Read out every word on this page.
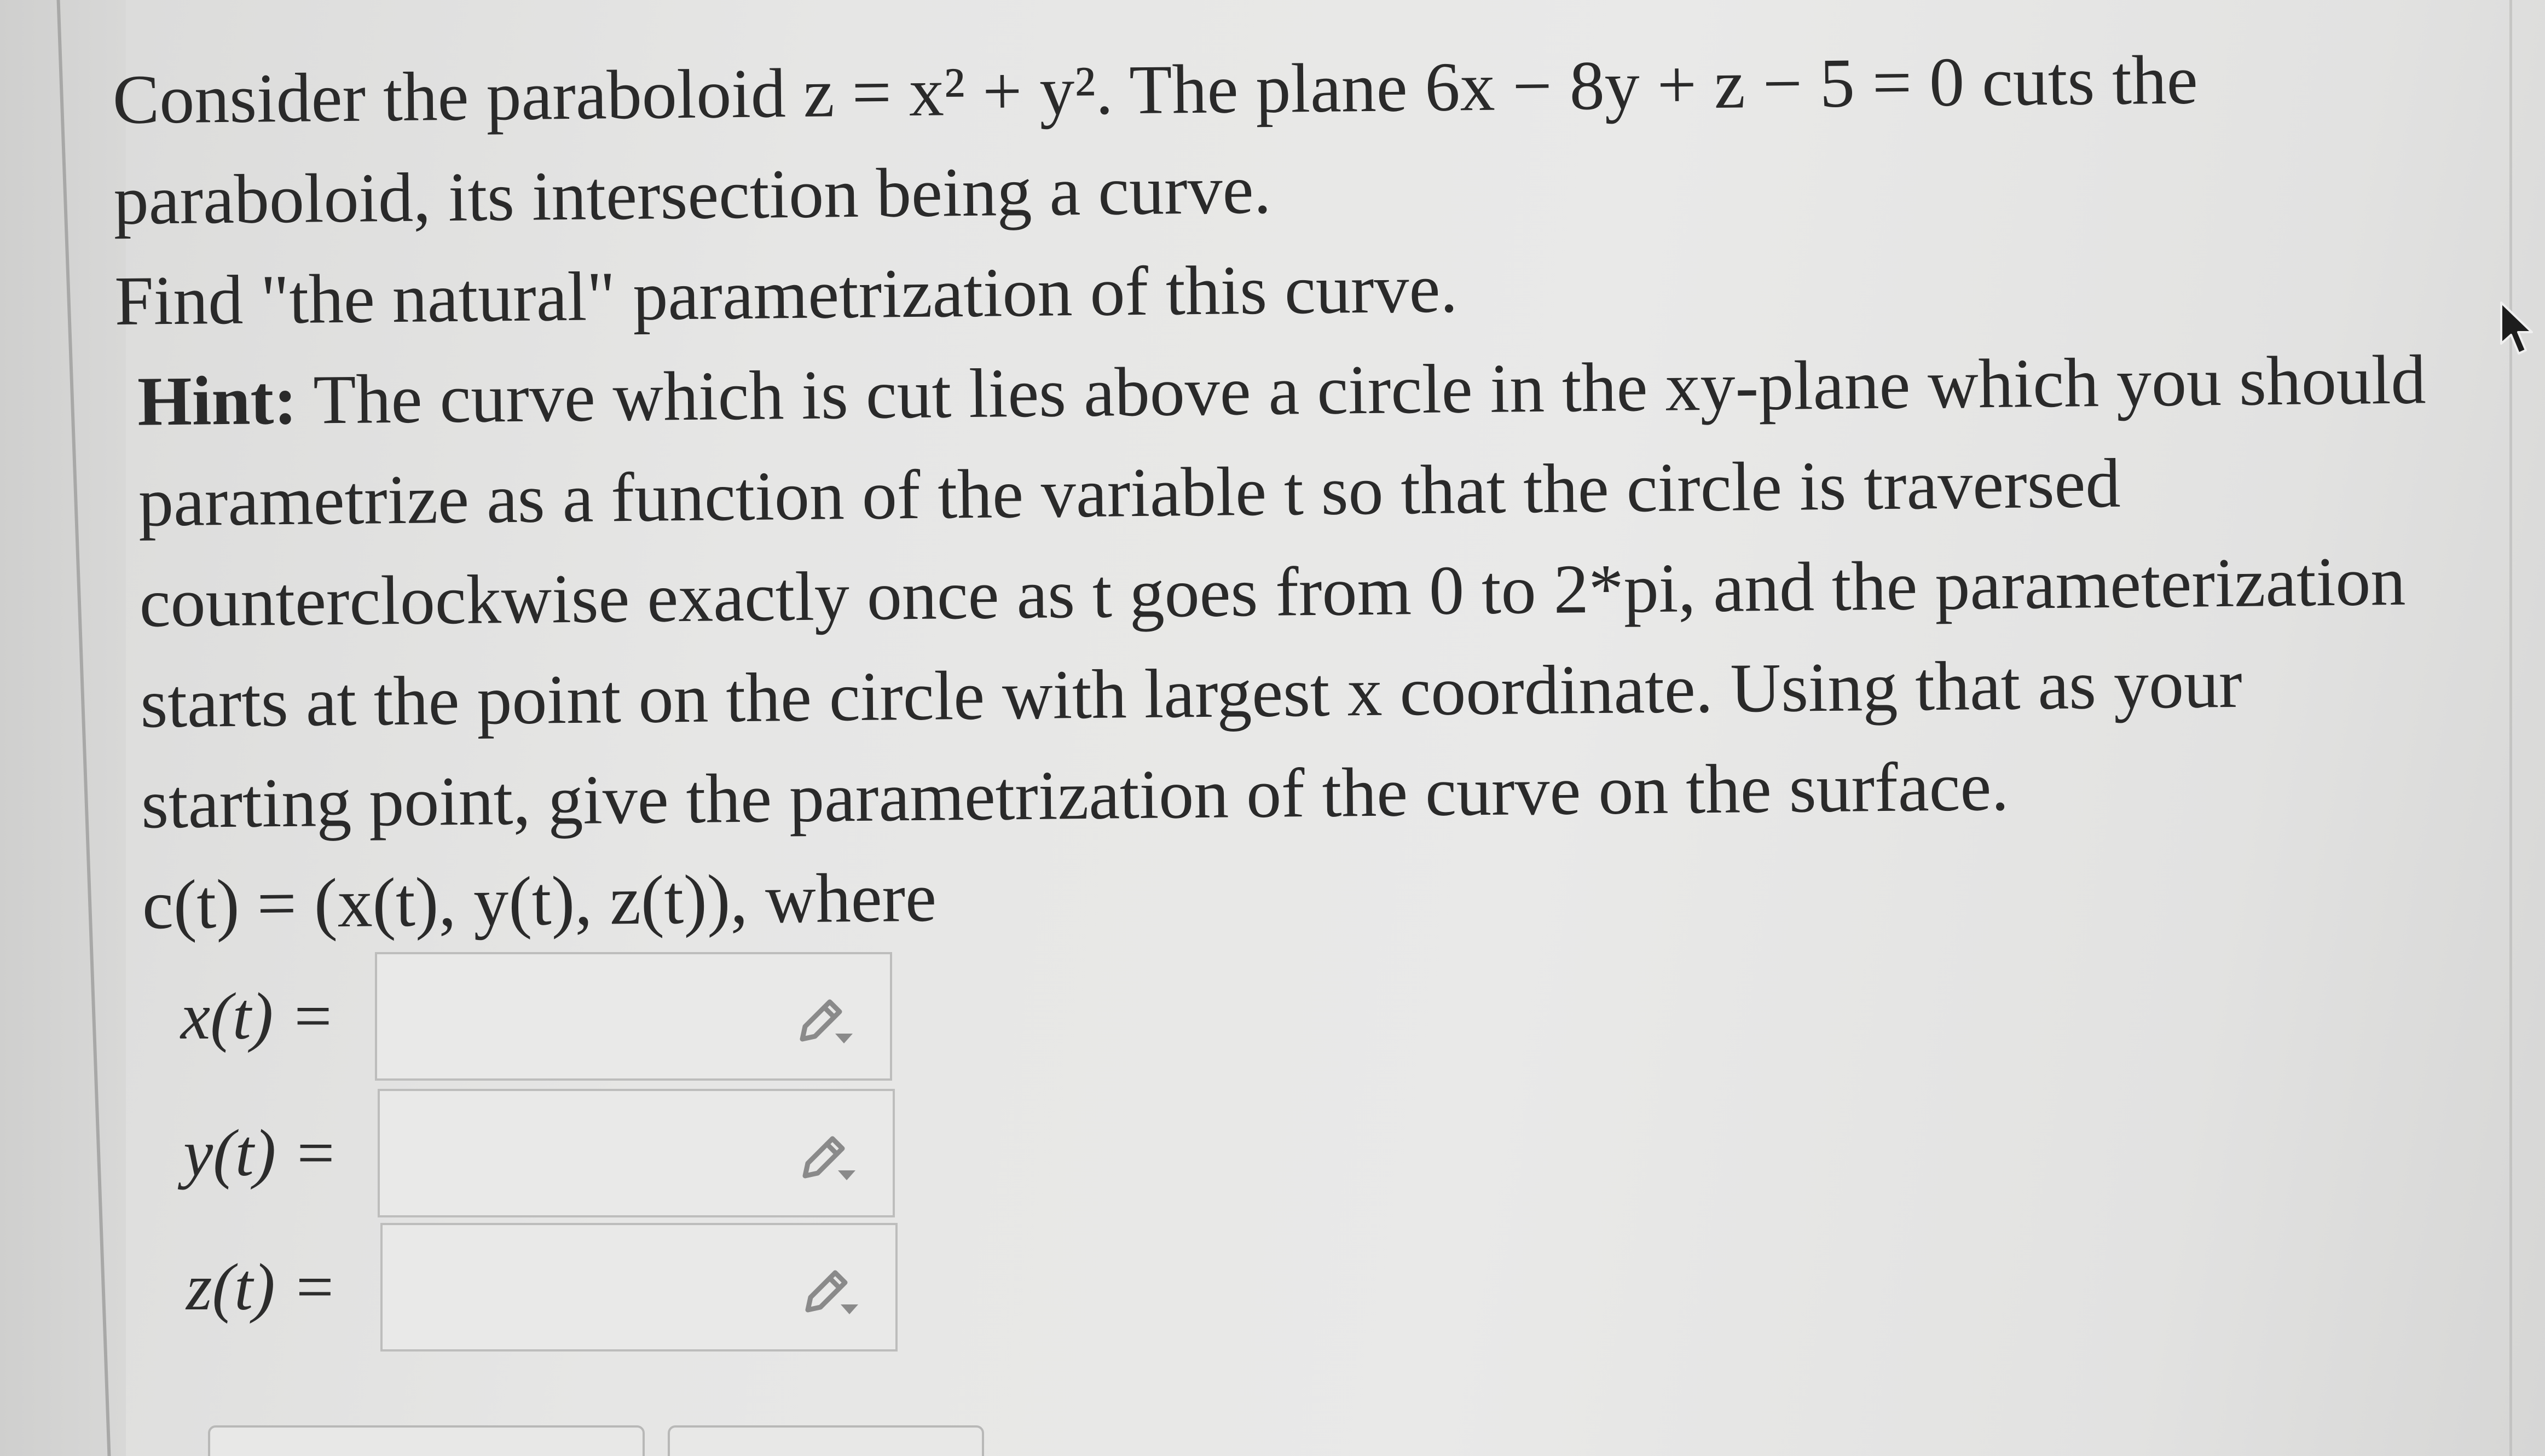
Consider the paraboloid z = x² + y². The plane 6x − 8y + z − 5 = 0 cuts the

paraboloid, its intersection being a curve.

Find "the natural" parametrization of this curve.

Hint: The curve which is cut lies above a circle in the xy-plane which you should

parametrize as a function of the variable t so that the circle is traversed

counterclockwise exactly once as t goes from 0 to 2*pi, and the parameterization

starts at the point on the circle with largest x coordinate. Using that as your

starting point, give the parametrization of the curve on the surface.

c(t) = (x(t), y(t), z(t)), where

x(t) =
y(t) =
z(t) =
